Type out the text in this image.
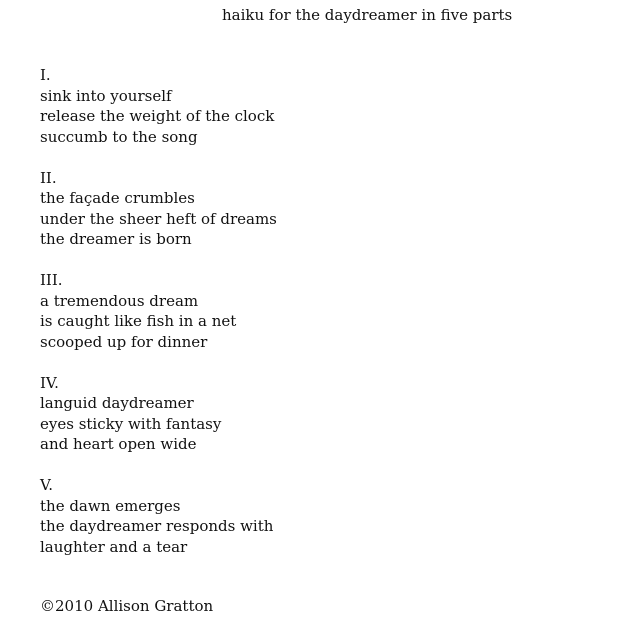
haiku for the daydreamer in five parts
I.
sink into yourself
release the weight of the clock
succumb to the song
II.
the façade crumbles
under the sheer heft of dreams
the dreamer is born
III.
a tremendous dream
is caught like fish in a net
scooped up for dinner
IV.
languid daydreamer
eyes sticky with fantasy
and heart open wide
V.
the dawn emerges
the daydreamer responds with
laughter and a tear
©2010 Allison Gratton
